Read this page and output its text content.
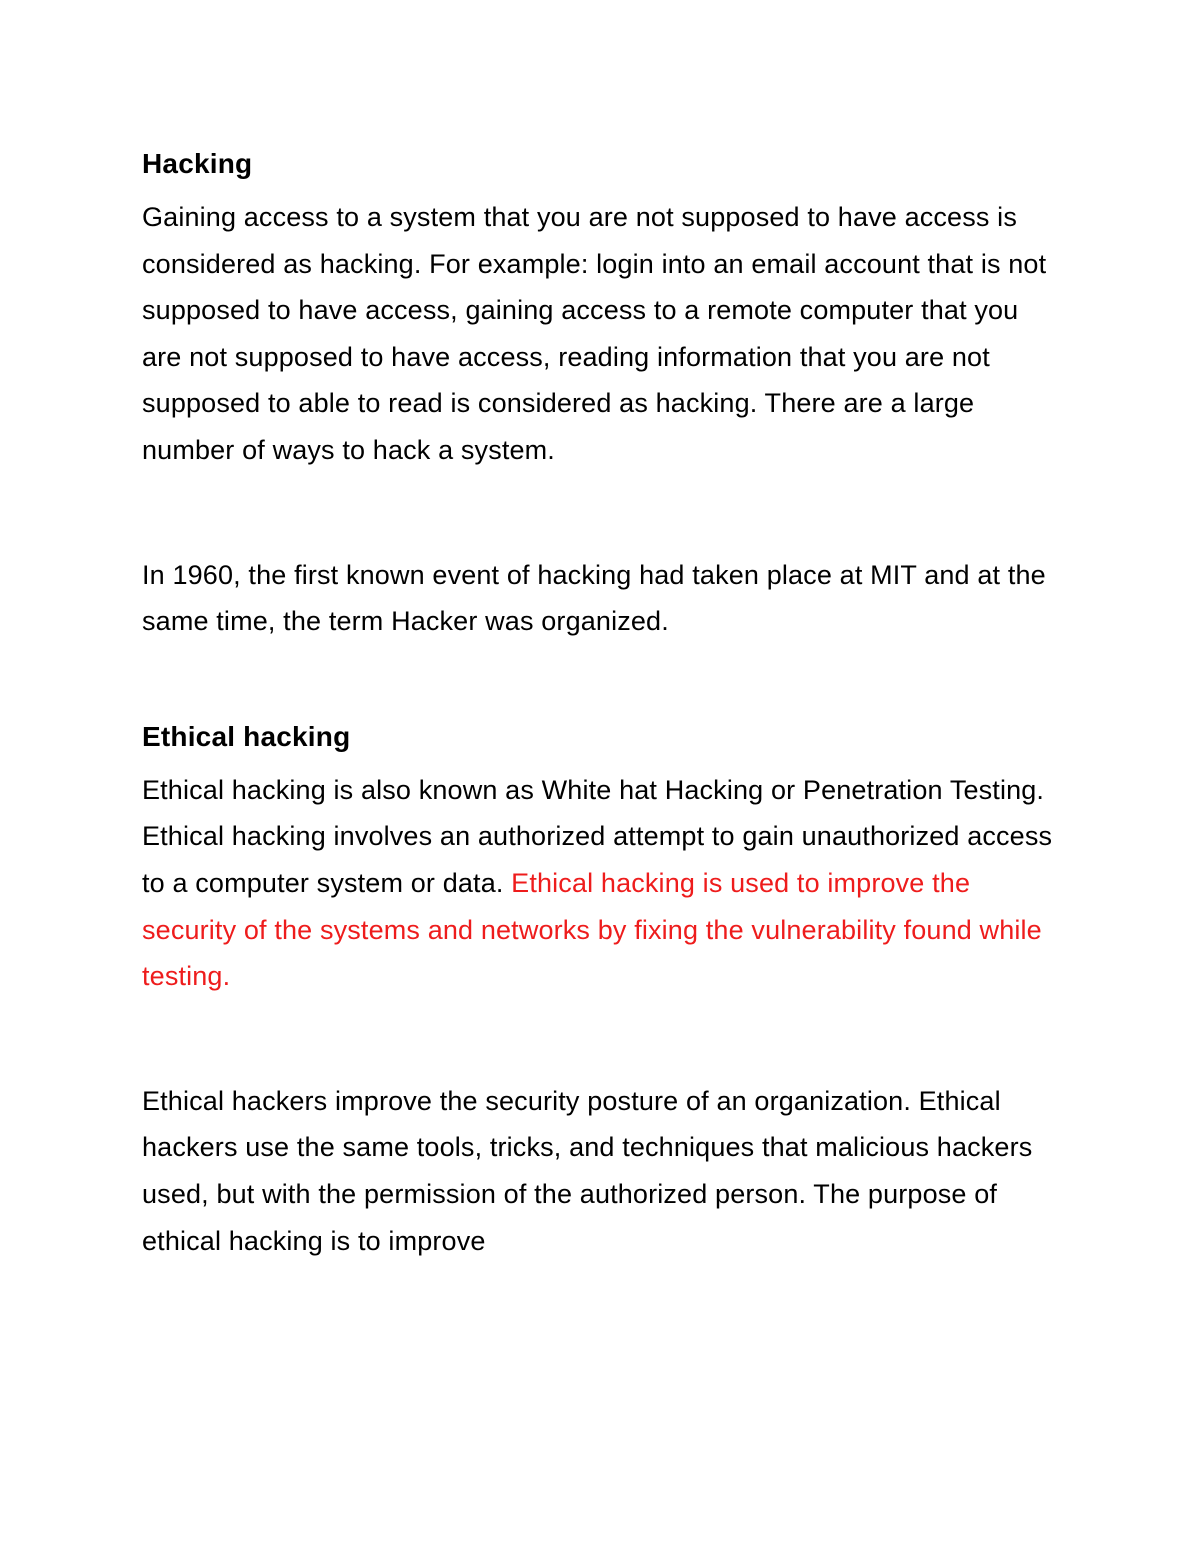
Hacking

Gaining access to a system that you are not supposed to have access is considered as hacking. For example: login into an email account that is not supposed to have access, gaining access to a remote computer that you are not supposed to have access, reading information that you are not supposed to able to read is considered as hacking. There are a large number of ways to hack a system.

In 1960, the first known event of hacking had taken place at MIT and at the same time, the term Hacker was organized.

Ethical hacking

Ethical hacking is also known as White hat Hacking or Penetration Testing. Ethical hacking involves an authorized attempt to gain unauthorized access to a computer system or data. Ethical hacking is used to improve the security of the systems and networks by fixing the vulnerability found while testing.

Ethical hackers improve the security posture of an organization. Ethical hackers use the same tools, tricks, and techniques that malicious hackers used, but with the permission of the authorized person. The purpose of ethical hacking is to improve
